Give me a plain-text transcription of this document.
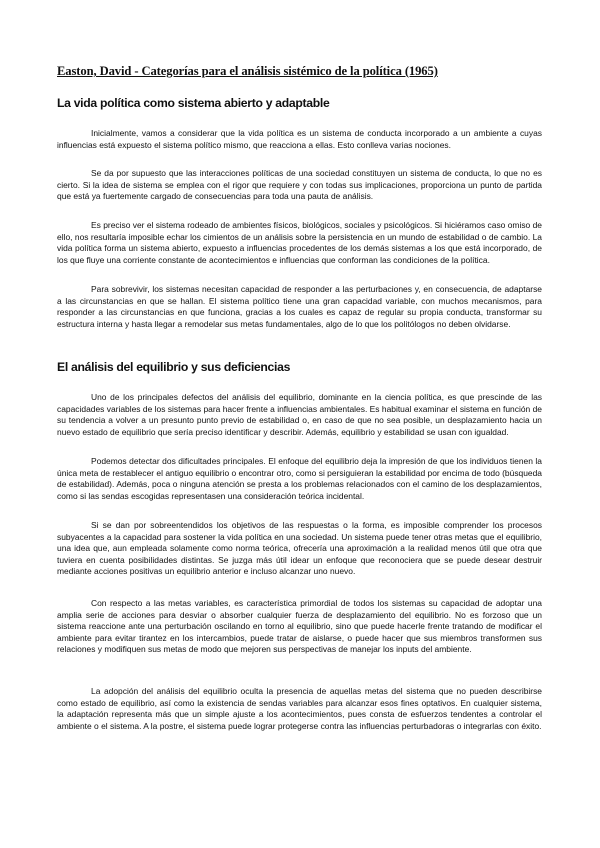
Easton, David - Categorías para el análisis sistémico de la política (1965)
La vida política como sistema abierto y adaptable

Inicialmente, vamos a considerar que la vida política es un sistema de conducta incorporado a un ambiente a cuyas influencias está expuesto el sistema político mismo, que reacciona a ellas. Esto conlleva varias nociones.

Se da por supuesto que las interacciones políticas de una sociedad constituyen un sistema de conducta, lo que no es cierto. Si la idea de sistema se emplea con el rigor que requiere y con todas sus implicaciones, proporciona un punto de partida que está ya fuertemente cargado de consecuencias para toda una pauta de análisis.

Es preciso ver el sistema rodeado de ambientes físicos, biológicos, sociales y psicológicos. Si hiciéramos caso omiso de ello, nos resultaría imposible echar los cimientos de un análisis sobre la persistencia en un mundo de estabilidad o de cambio. La vida política forma un sistema abierto, expuesto a influencias procedentes de los demás sistemas a los que está incorporado, de los que fluye una corriente constante de acontecimientos e influencias que conforman las condiciones de la política.

Para sobrevivir, los sistemas necesitan capacidad de responder a las perturbaciones y, en consecuencia, de adaptarse a las circunstancias en que se hallan. El sistema político tiene una gran capacidad variable, con muchos mecanismos, para responder a las circunstancias en que funciona, gracias a los cuales es capaz de regular su propia conducta, transformar su estructura interna y hasta llegar a remodelar sus metas fundamentales, algo de lo que los politólogos no deben olvidarse.

El análisis del equilibrio y sus deficiencias

Uno de los principales defectos del análisis del equilibrio, dominante en la ciencia política, es que prescinde de las capacidades variables de los sistemas para hacer frente a influencias ambientales. Es habitual examinar el sistema en función de su tendencia a volver a un presunto punto previo de estabilidad o, en caso de que no sea posible, un desplazamiento hacia un nuevo estado de equilibrio que sería preciso identificar y describir. Además, equilibrio y estabilidad se usan con igualdad.

Podemos detectar dos dificultades principales. El enfoque del equilibrio deja la impresión de que los individuos tienen la única meta de restablecer el antiguo equilibrio o encontrar otro, como si persiguieran la estabilidad por encima de todo (búsqueda de estabilidad). Además, poca o ninguna atención se presta a los problemas relacionados con el camino de los desplazamientos, como si las sendas escogidas representasen una consideración teórica incidental.

Si se dan por sobreentendidos los objetivos de las respuestas o la forma, es imposible comprender los procesos subyacentes a la capacidad para sostener la vida política en una sociedad. Un sistema puede tener otras metas que el equilibrio, una idea que, aun empleada solamente como norma teórica, ofrecería una aproximación a la realidad menos útil que otra que tuviera en cuenta posibilidades distintas. Se juzga más útil idear un enfoque que reconociera que se puede desear destruir mediante acciones positivas un equilibrio anterior e incluso alcanzar uno nuevo.

Con respecto a las metas variables, es característica primordial de todos los sistemas su capacidad de adoptar una amplia serie de acciones para desviar o absorber cualquier fuerza de desplazamiento del equilibrio. No es forzoso que un sistema reaccione ante una perturbación oscilando en torno al equilibrio, sino que puede hacerle frente tratando de modificar el ambiente para evitar tirantez en los intercambios, puede tratar de aislarse, o puede hacer que sus miembros transformen sus relaciones y modifiquen sus metas de modo que mejoren sus perspectivas de manejar los inputs del ambiente.

La adopción del análisis del equilibrio oculta la presencia de aquellas metas del sistema que no pueden describirse como estado de equilibrio, así como la existencia de sendas variables para alcanzar esos fines optativos. En cualquier sistema, la adaptación representa más que un simple ajuste a los acontecimientos, pues consta de esfuerzos tendentes a controlar el ambiente o el sistema. A la postre, el sistema puede lograr protegerse contra las influencias perturbadoras o integrarlas con éxito.
